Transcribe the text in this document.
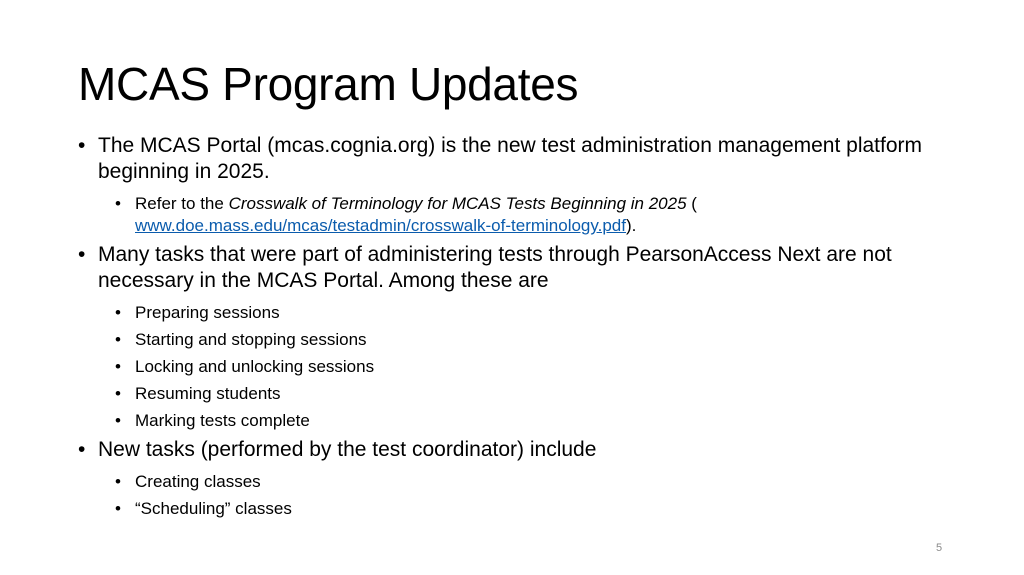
MCAS Program Updates
• The MCAS Portal (mcas.cognia.org) is the new test administration management platform beginning in 2025.
• Refer to the Crosswalk of Terminology for MCAS Tests Beginning in 2025 (
www.doe.mass.edu/mcas/testadmin/crosswalk-of-terminology.pdf).
• Many tasks that were part of administering tests through PearsonAccess Next are not necessary in the MCAS Portal. Among these are
• Preparing sessions
• Starting and stopping sessions
• Locking and unlocking sessions
• Resuming students
• Marking tests complete
• New tasks (performed by the test coordinator) include
• Creating classes
• “Scheduling” classes
5
